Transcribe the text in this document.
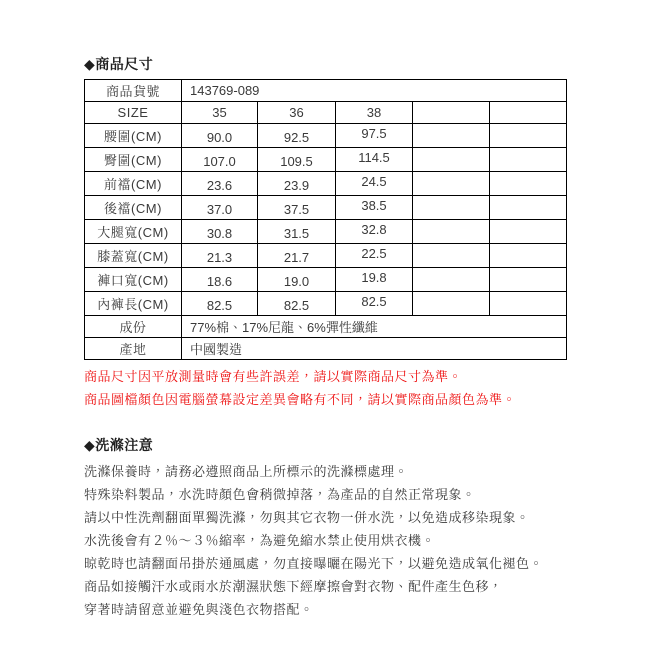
◆商品尺寸
商品貨號	143769-089				
SIZE	35	36	38		
腰圍(CM)	90.0	92.5	97.5		
臀圍(CM)	107.0	109.5	114.5		
前襠(CM)	23.6	23.9	24.5		
後襠(CM)	37.0	37.5	38.5		
大腿寬(CM)	30.8	31.5	32.8		
膝蓋寬(CM)	21.3	21.7	22.5		
褲口寬(CM)	18.6	19.0	19.8		
內褲長(CM)	82.5	82.5	82.5		
成份	77%棉、17%尼龍、6%彈性纖維				
產地	中國製造				

商品尺寸因平放測量時會有些許誤差，請以實際商品尺寸為準。

商品圖檔顏色因電腦螢幕設定差異會略有不同，請以實際商品顏色為準。

◆洗滌注意

洗滌保養時，請務必遵照商品上所標示的洗滌標處理。

特殊染料製品，水洗時顏色會稍微掉落，為產品的自然正常現象。

請以中性洗劑翻面單獨洗滌，勿與其它衣物一併水洗，以免造成移染現象。

水洗後會有２％～３％縮率，為避免縮水禁止使用烘衣機。

晾乾時也請翻面吊掛於通風處，勿直接曝曬在陽光下，以避免造成氧化褪色。

商品如接觸汗水或雨水於潮濕狀態下經摩擦會對衣物、配件產生色移，

穿著時請留意並避免與淺色衣物搭配。
